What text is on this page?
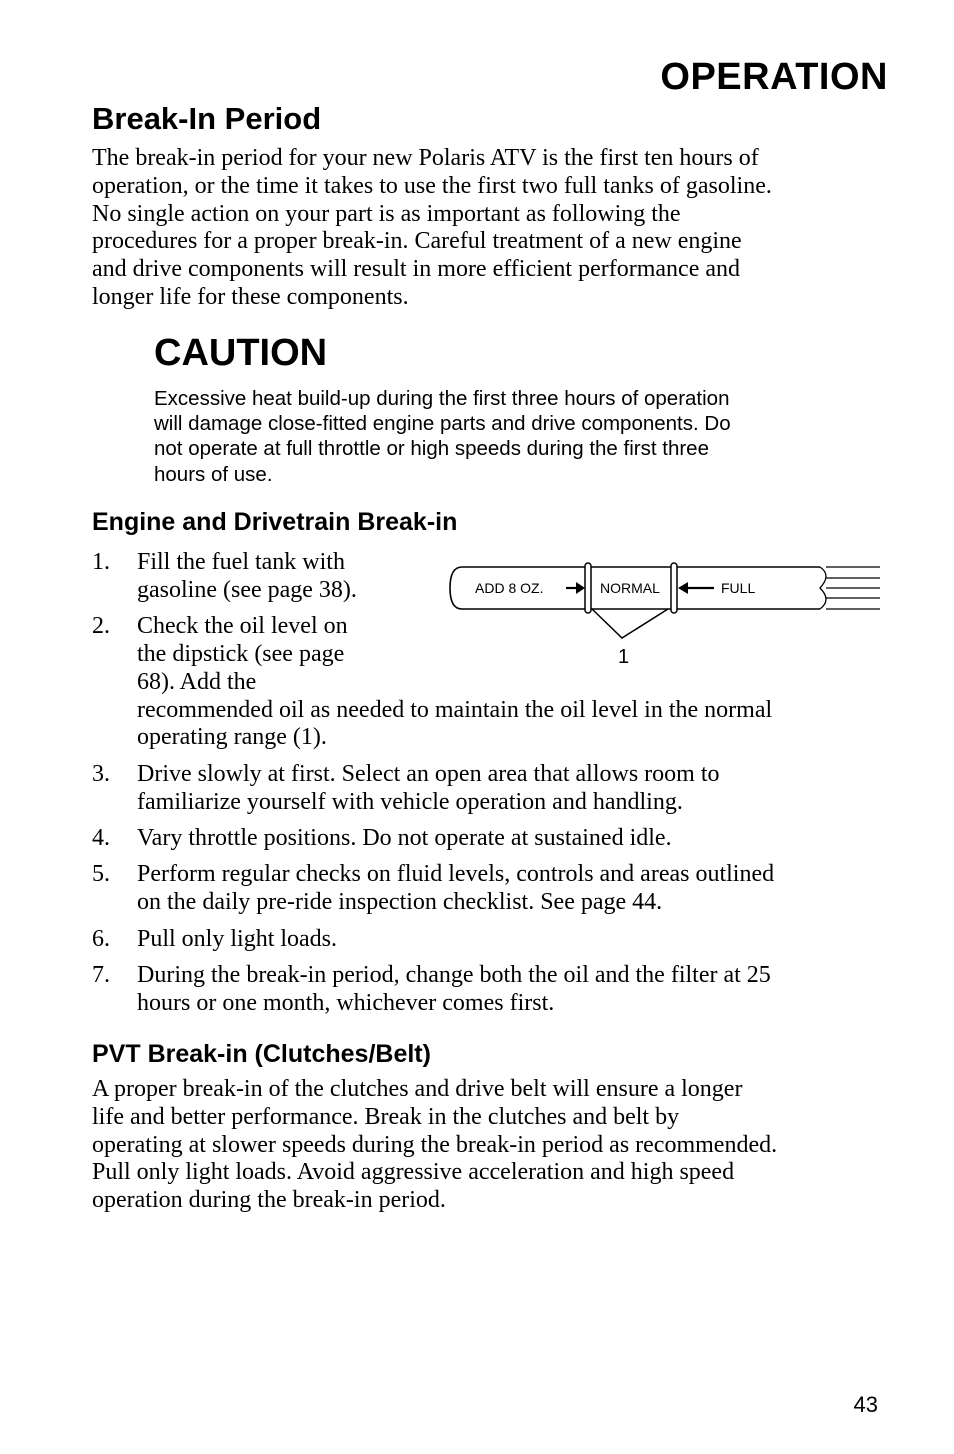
OPERATION
Break-In Period

The break-in period for your new Polaris ATV is the first ten hours of
operation, or the time it takes to use the first two full tanks of gasoline.
No single action on your part is as important as following the
procedures for a proper break-in. Careful treatment of a new engine
and drive components will result in more efficient performance and
longer life for these components.

CAUTION

Excessive heat build-up during the first three hours of operation
will damage close-fitted engine parts and drive components. Do
not operate at full throttle or high speeds during the first three
hours of use.

Engine and Drivetrain Break-in
1. Fill the fuel tank with
gasoline (see page 38).
2. Check the oil level on
the dipstick (see page
68). Add the
recommended oil as needed to maintain the oil level in the normal
operating range (1).
3. Drive slowly at first. Select an open area that allows room to
familiarize yourself with vehicle operation and handling.
4. Vary throttle positions. Do not operate at sustained idle.
5. Perform regular checks on fluid levels, controls and areas outlined
on the daily pre-ride inspection checklist. See page 44.
6. Pull only light loads.
7. During the break-in period, change both the oil and the filter at 25
hours or one month, whichever comes first.
ADD 8 OZ.	NORMAL	FULL
1
PVT Break-in (Clutches/Belt)

A proper break-in of the clutches and drive belt will ensure a longer
life and better performance. Break in the clutches and belt by
operating at slower speeds during the break-in period as recommended.
Pull only light loads. Avoid aggressive acceleration and high speed
operation during the break-in period.

43
